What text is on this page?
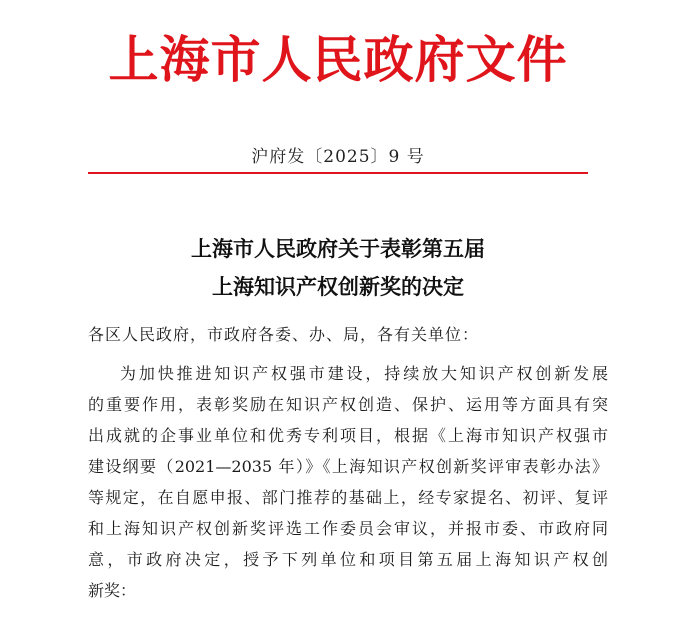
上海市人民政府文件
沪府发〔2025〕9 号
上海市人民政府关于表彰第五届
上海知识产权创新奖的决定
各区人民政府，市政府各委、办、局，各有关单位：
为加快推进知识产权强市建设，持续放大知识产权创新发展
的重要作用，表彰奖励在知识产权创造、保护、运用等方面具有突
出成就的企事业单位和优秀专利项目，根据《上海市知识产权强市
建设纲要（2021—2035 年）》《上海知识产权创新奖评审表彰办法》
等规定，在自愿申报、部门推荐的基础上，经专家提名、初评、复评
和上海知识产权创新奖评选工作委员会审议，并报市委、市政府同
意，市政府决定，授予下列单位和项目第五届上海知识产权创
新奖：
